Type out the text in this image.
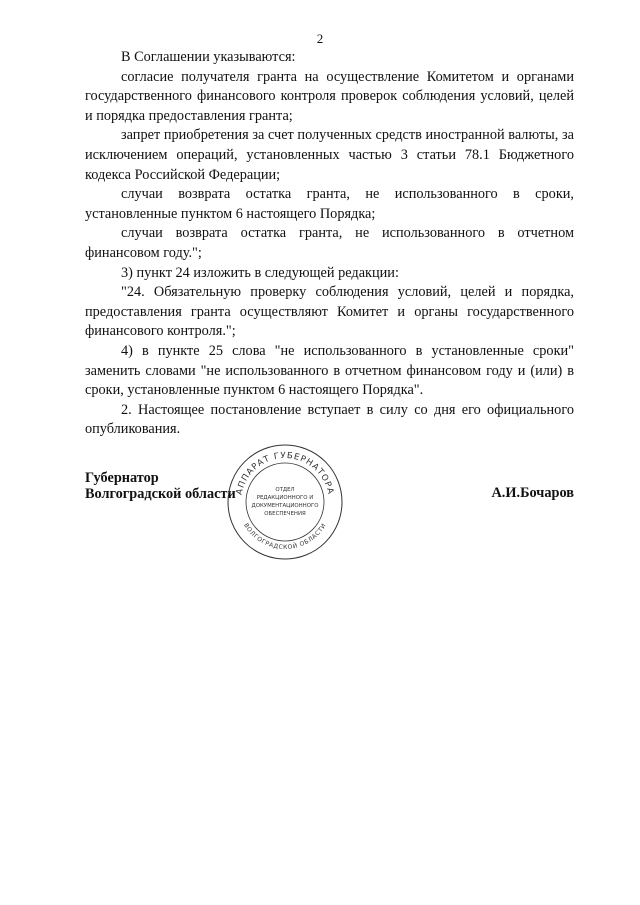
2

В Соглашении указываются:

согласие получателя гранта на осуществление Комитетом и органами государственного финансового контроля проверок соблюдения условий, целей и порядка предоставления гранта;

запрет приобретения за счет полученных средств иностранной валюты, за исключением операций, установленных частью 3 статьи 78.1 Бюджетного кодекса Российской Федерации;

случаи возврата остатка гранта, не использованного в сроки, установленные пунктом 6 настоящего Порядка;

случаи возврата остатка гранта, не использованного в отчетном финансовом году.";

3) пункт 24 изложить в следующей редакции:

"24. Обязательную проверку соблюдения условий, целей и порядка, предоставления гранта осуществляют Комитет и органы государственного финансового контроля.";

4) в пункте 25 слова "не использованного в установленные сроки" заменить словами "не использованного в отчетном финансовом году и (или) в сроки, установленные пунктом 6 настоящего Порядка".

2. Настоящее постановление вступает в силу со дня его официального опубликования.

Губернатор
Волгоградской области
АППАРАТ ГУБЕРНАТОРА
ВОЛГОГРАДСКОЙ ОБЛАСТИ
ОТДЕЛ
РЕДАКЦИОННОГО И
ДОКУМЕНТАЦИОННОГО
ОБЕСПЕЧЕНИЯ
А.И.Бочаров
